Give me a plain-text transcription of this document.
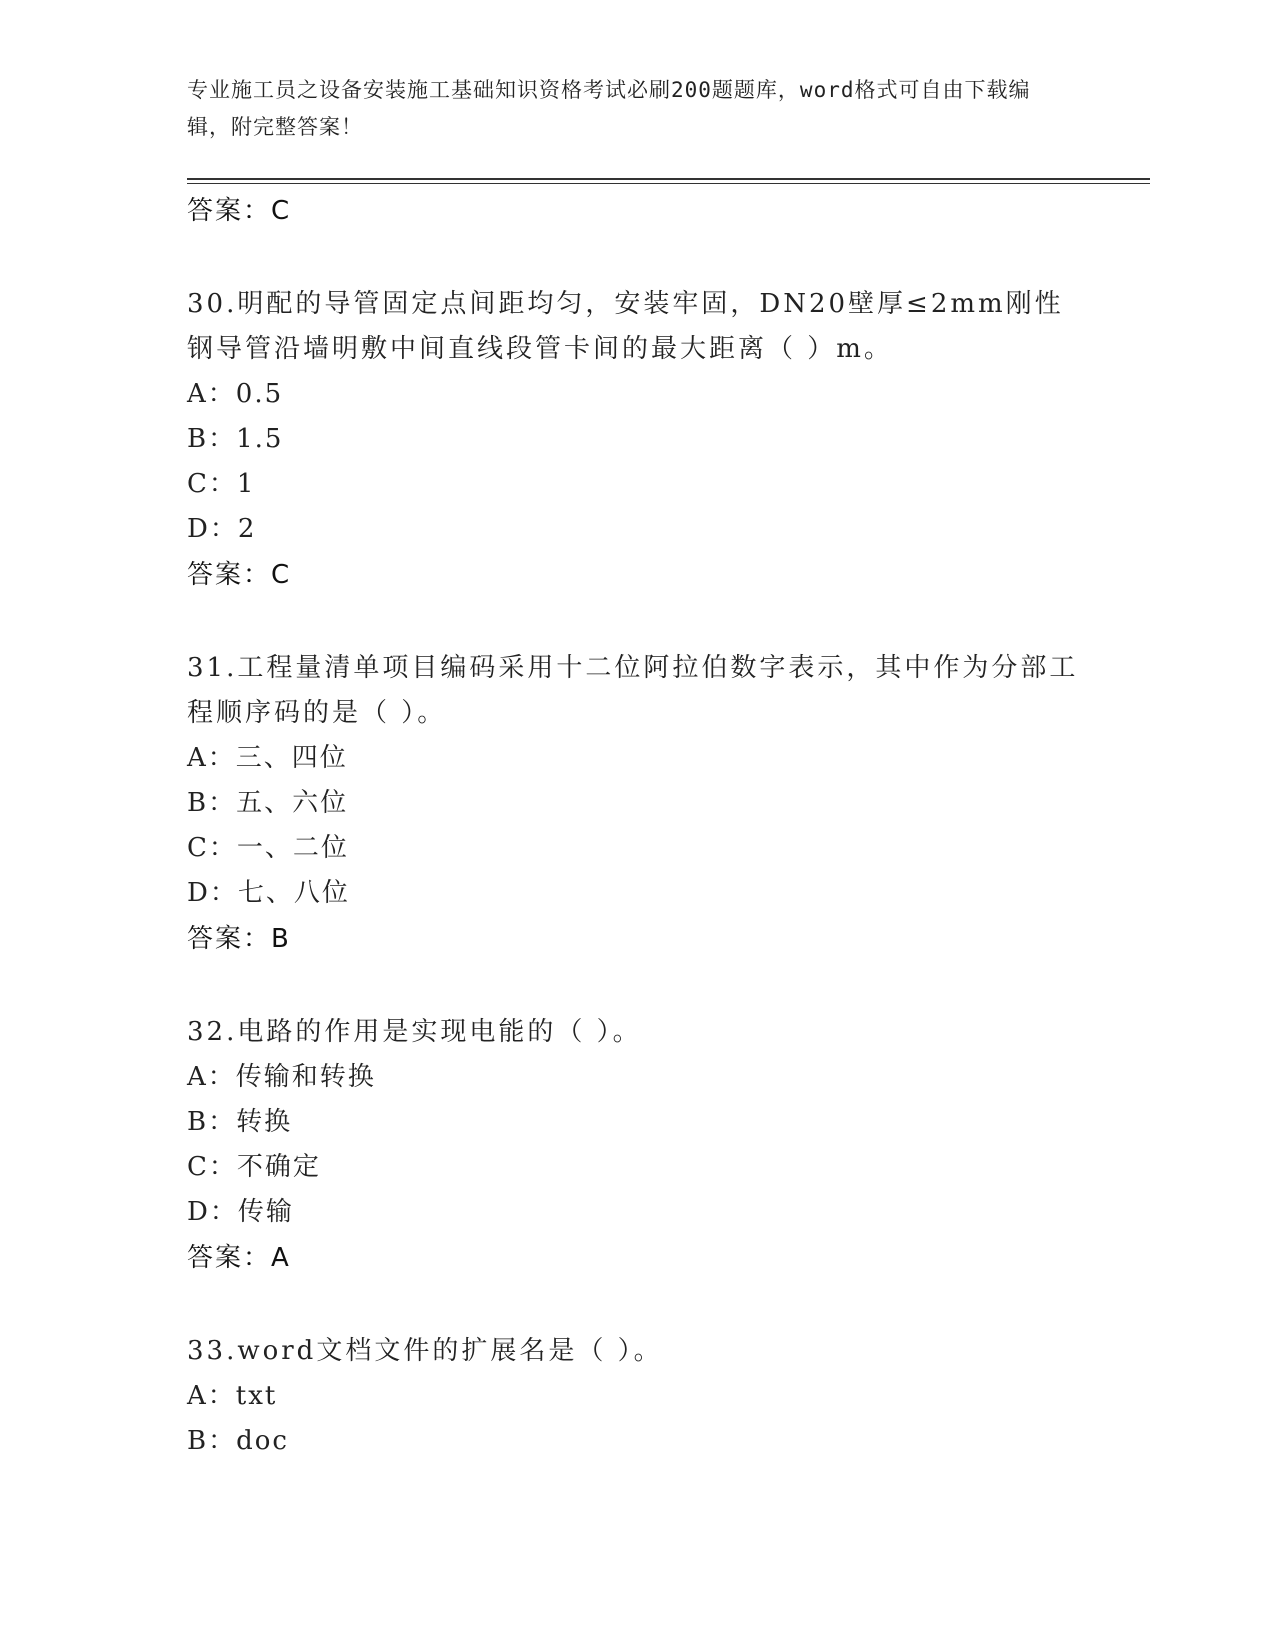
专业施工员之设备安装施工基础知识资格考试必刷200题题库，word格式可自由下载编辑，附完整答案！

答案：C

30.明配的导管固定点间距均匀，安装牢固，DN20壁厚≤2mm刚性钢导管沿墙明敷中间直线段管卡间的最大距离（ ）m。

A：0.5

B：1.5

C：1

D：2

答案：C

31.工程量清单项目编码采用十二位阿拉伯数字表示，其中作为分部工程顺序码的是（ ）。

A：三、四位

B：五、六位

C：一、二位

D：七、八位

答案：B

32.电路的作用是实现电能的（ ）。

A：传输和转换

B：转换

C：不确定

D：传输

答案：A

33.word文档文件的扩展名是（ ）。

A：txt

B：doc
